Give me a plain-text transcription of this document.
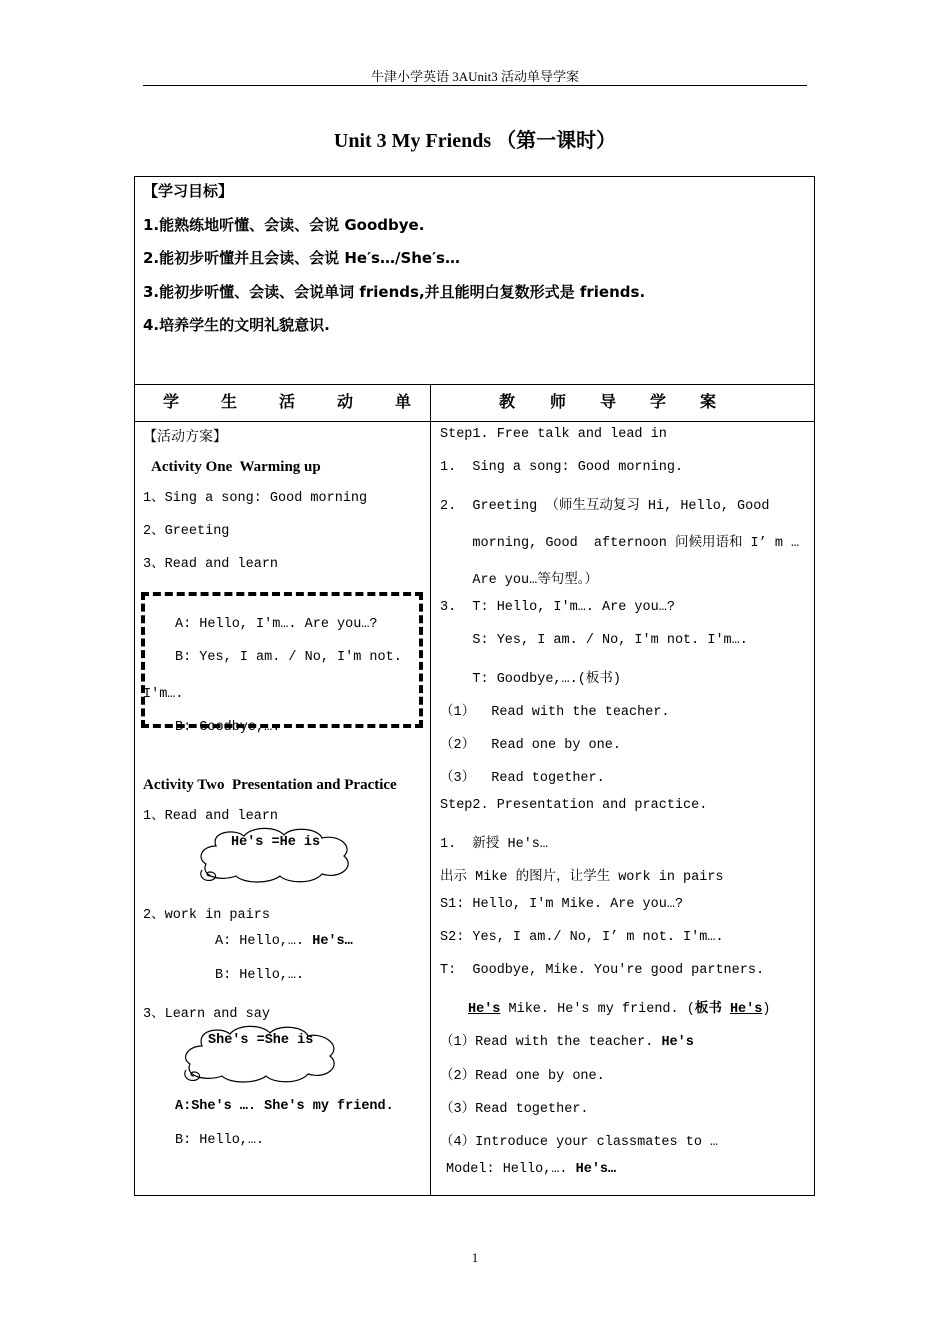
牛津小学英语 3AUnit3 活动单导学案
Unit 3 My Friends （第一课时）
【学习目标】
1.能熟练地听懂、会读、会说 Goodbye.
2.能初步听懂并且会读、会说 He′s…/She′s…
3.能初步听懂、会读、会说单词 friends,并且能明白复数形式是 friends.
4.培养学生的文明礼貌意识.
学	生	活	动	单	教 师 导 学 案
【活动方案】
Activity One  Warming up
1、Sing a song: Good morning
2、Greeting
3、Read and learn
A: Hello, I′m…. Are you…?
B: Yes, I am. / No, I′m not.
I′m….
B: Goodbye,….
Activity Two  Presentation and Practice
1、Read and learn
He′s =He is
2、work in pairs
A: Hello,…. He′s…
B: Hello,….
3、Learn and say
She′s =She is
A:She′s …. She′s my friend.
B: Hello,….
Step1. Free talk and lead in
1.  Sing a song: Good morning.
2.  Greeting （师生互动复习 Hi, Hello, Good
morning, Good  afternoon 问候用语和 I’ m …
Are you…等句型。）
3.  T: Hello, I′m…. Are you…?
S: Yes, I am. / No, I′m not. I′m….
T: Goodbye,….(板书)
（1）  Read with the teacher.
（2）  Read one by one.
（3）  Read together.
Step2. Presentation and practice.
1.  新授 He′s…
出示 Mike 的图片，让学生 work in pairs
S1: Hello, I′m Mike. Are you…?
S2: Yes, I am./ No, I’ m not. I′m….
T:  Goodbye, Mike. You′re good partners.
He′s Mike. He′s my friend. (板书 He′s)
（1）Read with the teacher. He′s
（2）Read one by one.
（3）Read together.
（4）Introduce your classmates to …
Model: Hello,…. He′s…
1
